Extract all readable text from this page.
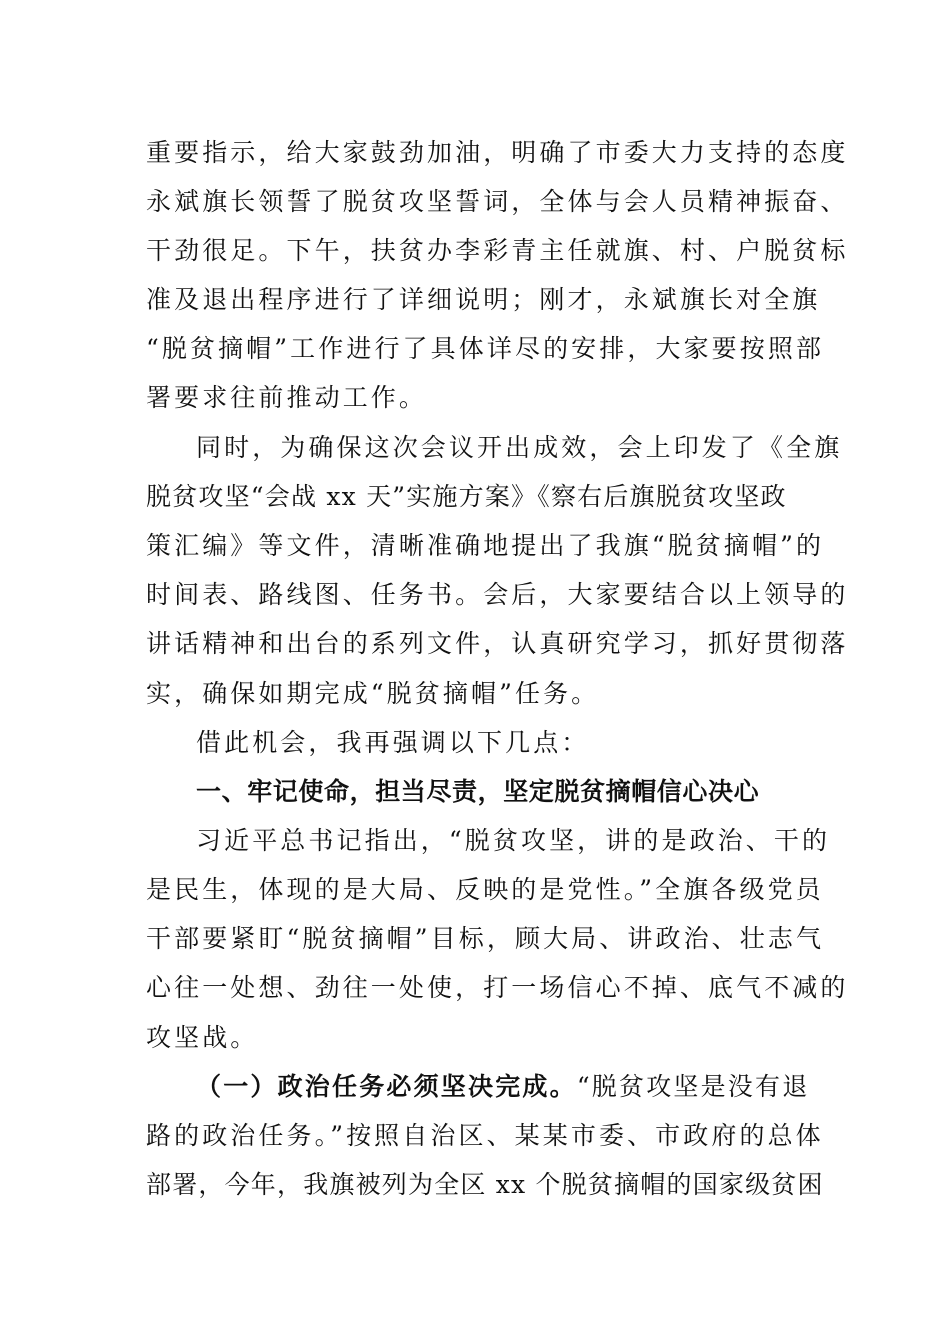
重要指示，给大家鼓劲加油，明确了市委大力支持的态度
永斌旗长领誓了脱贫攻坚誓词，全体与会人员精神振奋、
干劲很足。下午，扶贫办李彩青主任就旗、村、户脱贫标
准及退出程序进行了详细说明；刚才，永斌旗长对全旗
“脱贫摘帽”工作进行了具体详尽的安排，大家要按照部
署要求往前推动工作。
同时，为确保这次会议开出成效，会上印发了《全旗
脱贫攻坚“会战 xx 天”实施方案》《察右后旗脱贫攻坚政
策汇编》等文件，清晰准确地提出了我旗“脱贫摘帽”的
时间表、路线图、任务书。会后，大家要结合以上领导的
讲话精神和出台的系列文件，认真研究学习，抓好贯彻落
实，确保如期完成“脱贫摘帽”任务。
借此机会，我再强调以下几点：
一、牢记使命，担当尽责，坚定脱贫摘帽信心决心
习近平总书记指出，“脱贫攻坚，讲的是政治、干的
是民生，体现的是大局、反映的是党性。”全旗各级党员
干部要紧盯“脱贫摘帽”目标，顾大局、讲政治、壮志气
心往一处想、劲往一处使，打一场信心不掉、底气不减的
攻坚战。
（一）政治任务必须坚决完成。“脱贫攻坚是没有退
路的政治任务。”按照自治区、某某市委、市政府的总体
部署，今年，我旗被列为全区 xx 个脱贫摘帽的国家级贫困
